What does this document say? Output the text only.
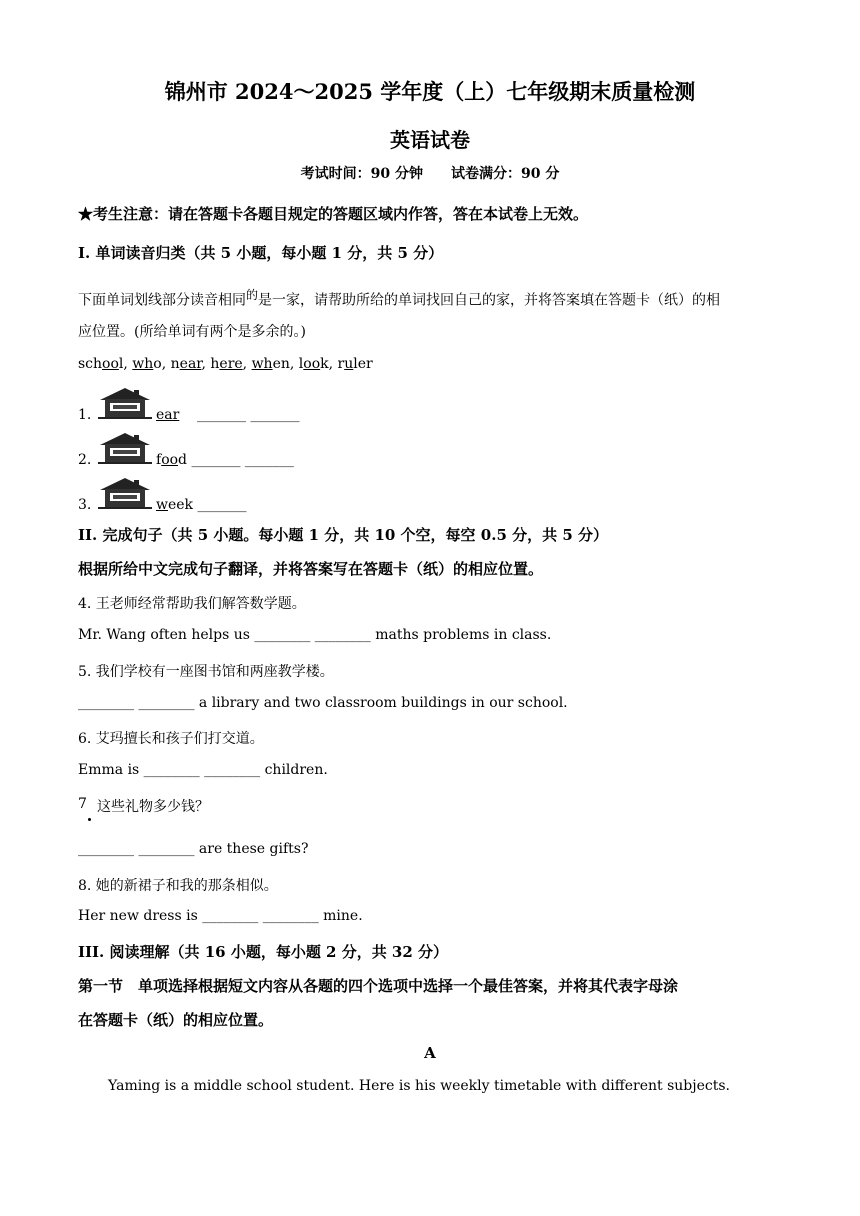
锦州市 2024～2025 学年度（上）七年级期末质量检测
英语试卷
考试时间：90 分钟　　试卷满分：90 分
★考生注意：请在答题卡各题目规定的答题区域内作答，答在本试卷上无效。
I. 单词读音归类（共 5 小题，每小题 1 分，共 5 分）
下面单词划线部分读音相同$^的$是一家，请帮助所给的单词找回自己的家，并将答案填在答题卡（纸）的相
应位置。(所给单词有两个是多余的。)
school, who, near, here, when, look, ruler
1.	ear _______ _______
2.	food _______ _______
3.	week _______
II. 完成句子（共 5 小题。每小题 1 分，共 10 个空，每空 0.5 分，共 5 分）
根据所给中文完成句子翻译，并将答案写在答题卡（纸）的相应位置。
4. 王老师经常帮助我们解答数学题。
Mr. Wang often helps us ________ ________ maths problems in class.
5. 我们学校有一座图书馆和两座教学楼。
________ ________ a library and two classroom buildings in our school.
6. 艾玛擅长和孩子们打交道。
Emma is ________ ________ children.
7 这些礼物多少钱？
________ ________ are these gifts?
8. 她的新裙子和我的那条相似。
Her new dress is ________ ________ mine.
III. 阅读理解（共 16 小题，每小题 2 分，共 32 分）
第一节　单项选择根据短文内容从各题的四个选项中选择一个最佳答案，并将其代表字母涂
在答题卡（纸）的相应位置。
A
Yaming is a middle school student. Here is his weekly timetable with different subjects.
